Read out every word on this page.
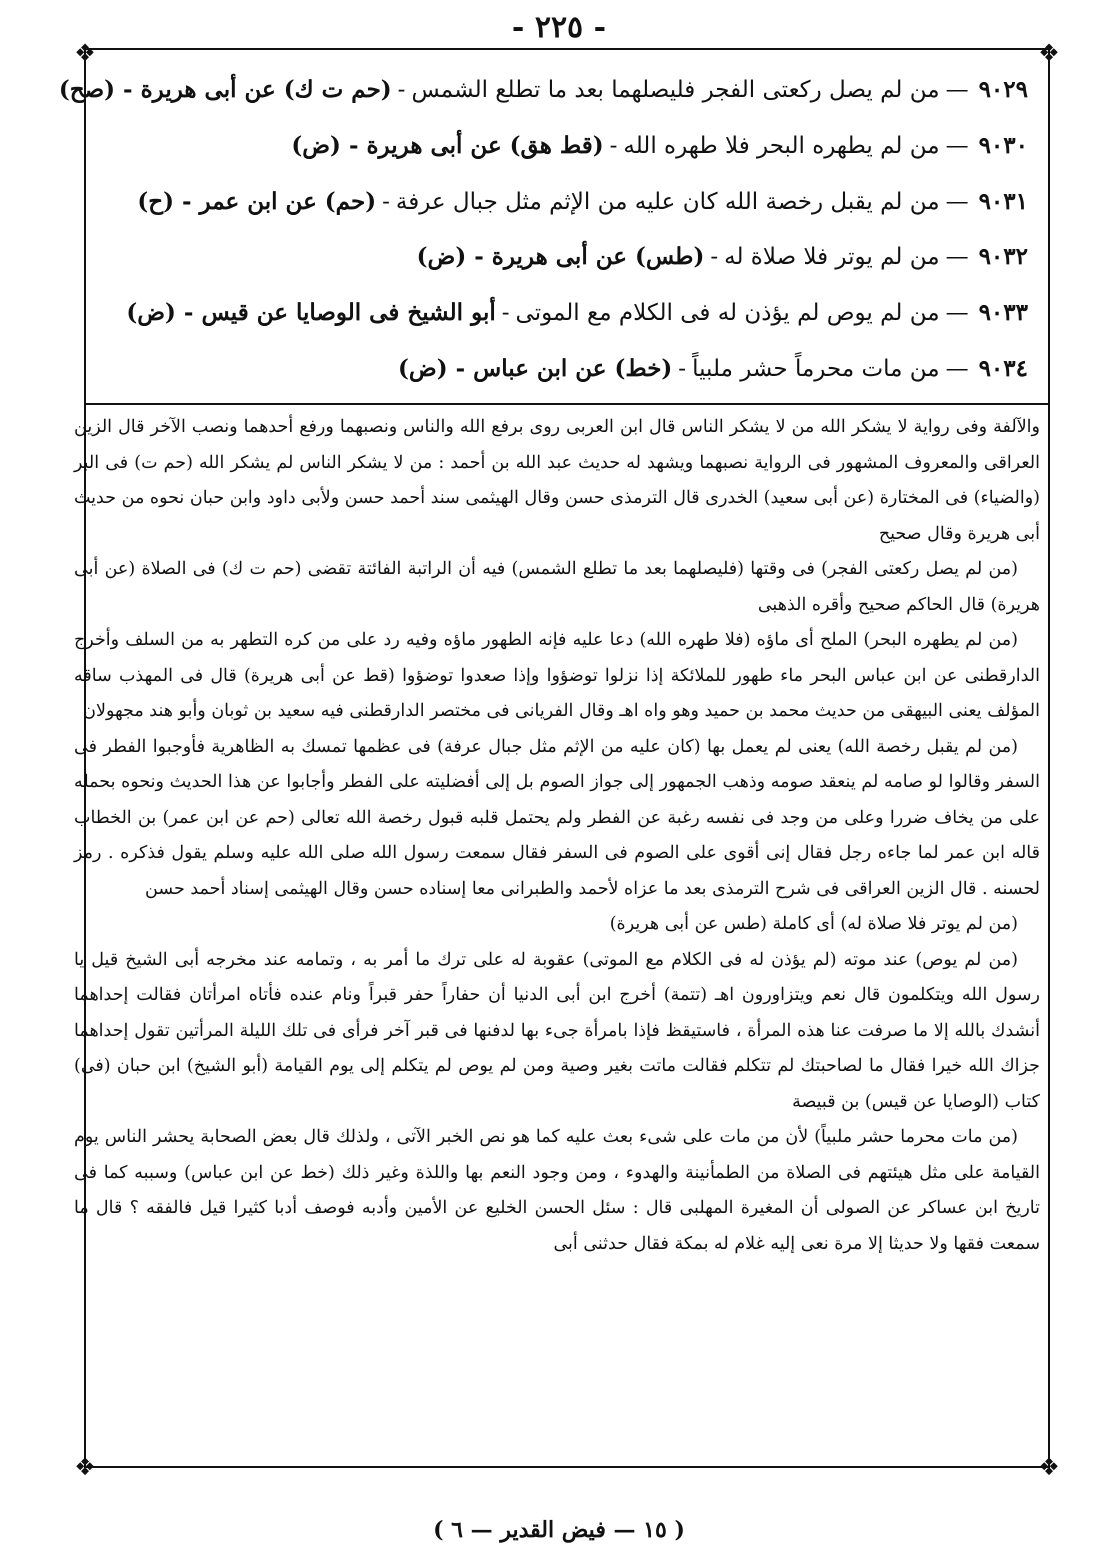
- ٢٢٥ -
❖	❖
❖	❖
٩٠٢٩—من لم يصل ركعتى الفجر فليصلهما بعد ما تطلع الشمس-(حم ت ك) عن أبى هريرة - (صح)
٩٠٣٠—من لم يطهره البحر فلا طهره الله-(قط هق) عن أبى هريرة - (ض)
٩٠٣١—من لم يقبل رخصة الله كان عليه من الإثم مثل جبال عرفة-(حم) عن ابن عمر - (ح)
٩٠٣٢—من لم يوتر فلا صلاة له-(طس) عن أبى هريرة - (ض)
٩٠٣٣—من لم يوص لم يؤذن له فى الكلام مع الموتى-أبو الشيخ فى الوصايا عن قيس - (ض)
٩٠٣٤—من مات محرماً حشر ملبياً-(خط) عن ابن عباس - (ض)

والآلفة وفى رواية لا يشكر الله من لا يشكر الناس قال ابن العربى روى برفع الله والناس ونصبهما ورفع أحدهما ونصب الآخر قال الزين العراقى والمعروف المشهور فى الرواية نصبهما ويشهد له حديث عبد الله بن أحمد : من لا يشكر الناس لم يشكر الله (حم ت) فى البر (والضياء) فى المختارة (عن أبى سعيد) الخدرى قال الترمذى حسن وقال الهيثمى سند أحمد حسن ولأبى داود وابن حبان نحوه من حديث أبى هريرة وقال صحيح

(من لم يصل ركعتى الفجر) فى وقتها (فليصلهما بعد ما تطلع الشمس) فيه أن الراتبة الفائتة تقضى (حم ت ك) فى الصلاة (عن أبى هريرة) قال الحاكم صحيح وأقره الذهبى

(من لم يطهره البحر) الملح أى ماؤه (فلا طهره الله) دعا عليه فإنه الطهور ماؤه وفيه رد على من كره التطهر به من السلف وأخرج الدارقطنى عن ابن عباس البحر ماء طهور للملائكة إذا نزلوا توضؤوا وإذا صعدوا توضؤوا (قط عن أبى هريرة) قال فى المهذب ساقه المؤلف يعنى البيهقى من حديث محمد بن حميد وهو واه اهـ وقال الفريانى فى مختصر الدارقطنى فيه سعيد بن ثوبان وأبو هند مجهولان

(من لم يقبل رخصة الله) يعنى لم يعمل بها (كان عليه من الإثم مثل جبال عرفة) فى عظمها تمسك به الظاهرية فأوجبوا الفطر فى السفر وقالوا لو صامه لم ينعقد صومه وذهب الجمهور إلى جواز الصوم بل إلى أفضليته على الفطر وأجابوا عن هذا الحديث ونحوه بحمله على من يخاف ضررا وعلى من وجد فى نفسه رغبة عن الفطر ولم يحتمل قلبه قبول رخصة الله تعالى (حم عن ابن عمر) بن الخطاب قاله ابن عمر لما جاءه رجل فقال إنى أقوى على الصوم فى السفر فقال سمعت رسول الله صلى الله عليه وسلم يقول فذكره . رمز لحسنه . قال الزين العراقى فى شرح الترمذى بعد ما عزاه لأحمد والطبرانى معا إسناده حسن وقال الهيثمى إسناد أحمد حسن

(من لم يوتر فلا صلاة له) أى كاملة (طس عن أبى هريرة)

(من لم يوص) عند موته (لم يؤذن له فى الكلام مع الموتى) عقوبة له على ترك ما أمر به ، وتمامه عند مخرجه أبى الشيخ قيل يا رسول الله ويتكلمون قال نعم ويتزاورون اهـ (تتمة) أخرج ابن أبى الدنيا أن حفاراً حفر قبراً ونام عنده فأتاه امرأتان فقالت إحداهما أنشدك بالله إلا ما صرفت عنا هذه المرأة ، فاستيقظ فإذا بامرأة جىء بها لدفنها فى قبر آخر فرأى فى تلك الليلة المرأتين تقول إحداهما جزاك الله خيرا فقال ما لصاحبتك لم تتكلم فقالت ماتت بغير وصية ومن لم يوص لم يتكلم إلى يوم القيامة (أبو الشيخ) ابن حبان (فى) كتاب (الوصايا عن قيس) بن قبيصة

(من مات محرما حشر ملبياً) لأن من مات على شىء بعث عليه كما هو نص الخبر الآتى ، ولذلك قال بعض الصحابة يحشر الناس يوم القيامة على مثل هيئتهم فى الصلاة من الطمأنينة والهدوء ، ومن وجود النعم بها واللذة وغير ذلك (خط عن ابن عباس) وسببه كما فى تاريخ ابن عساكر عن الصولى أن المغيرة المهلبى قال : سئل الحسن الخليع عن الأمين وأدبه فوصف أدبا كثيرا قيل فالفقه ؟ قال ما سمعت فقها ولا حديثا إلا مرة نعى إليه غلام له بمكة فقال حدثنى أبى

( ١٥ — فيض القدير — ٦ )
